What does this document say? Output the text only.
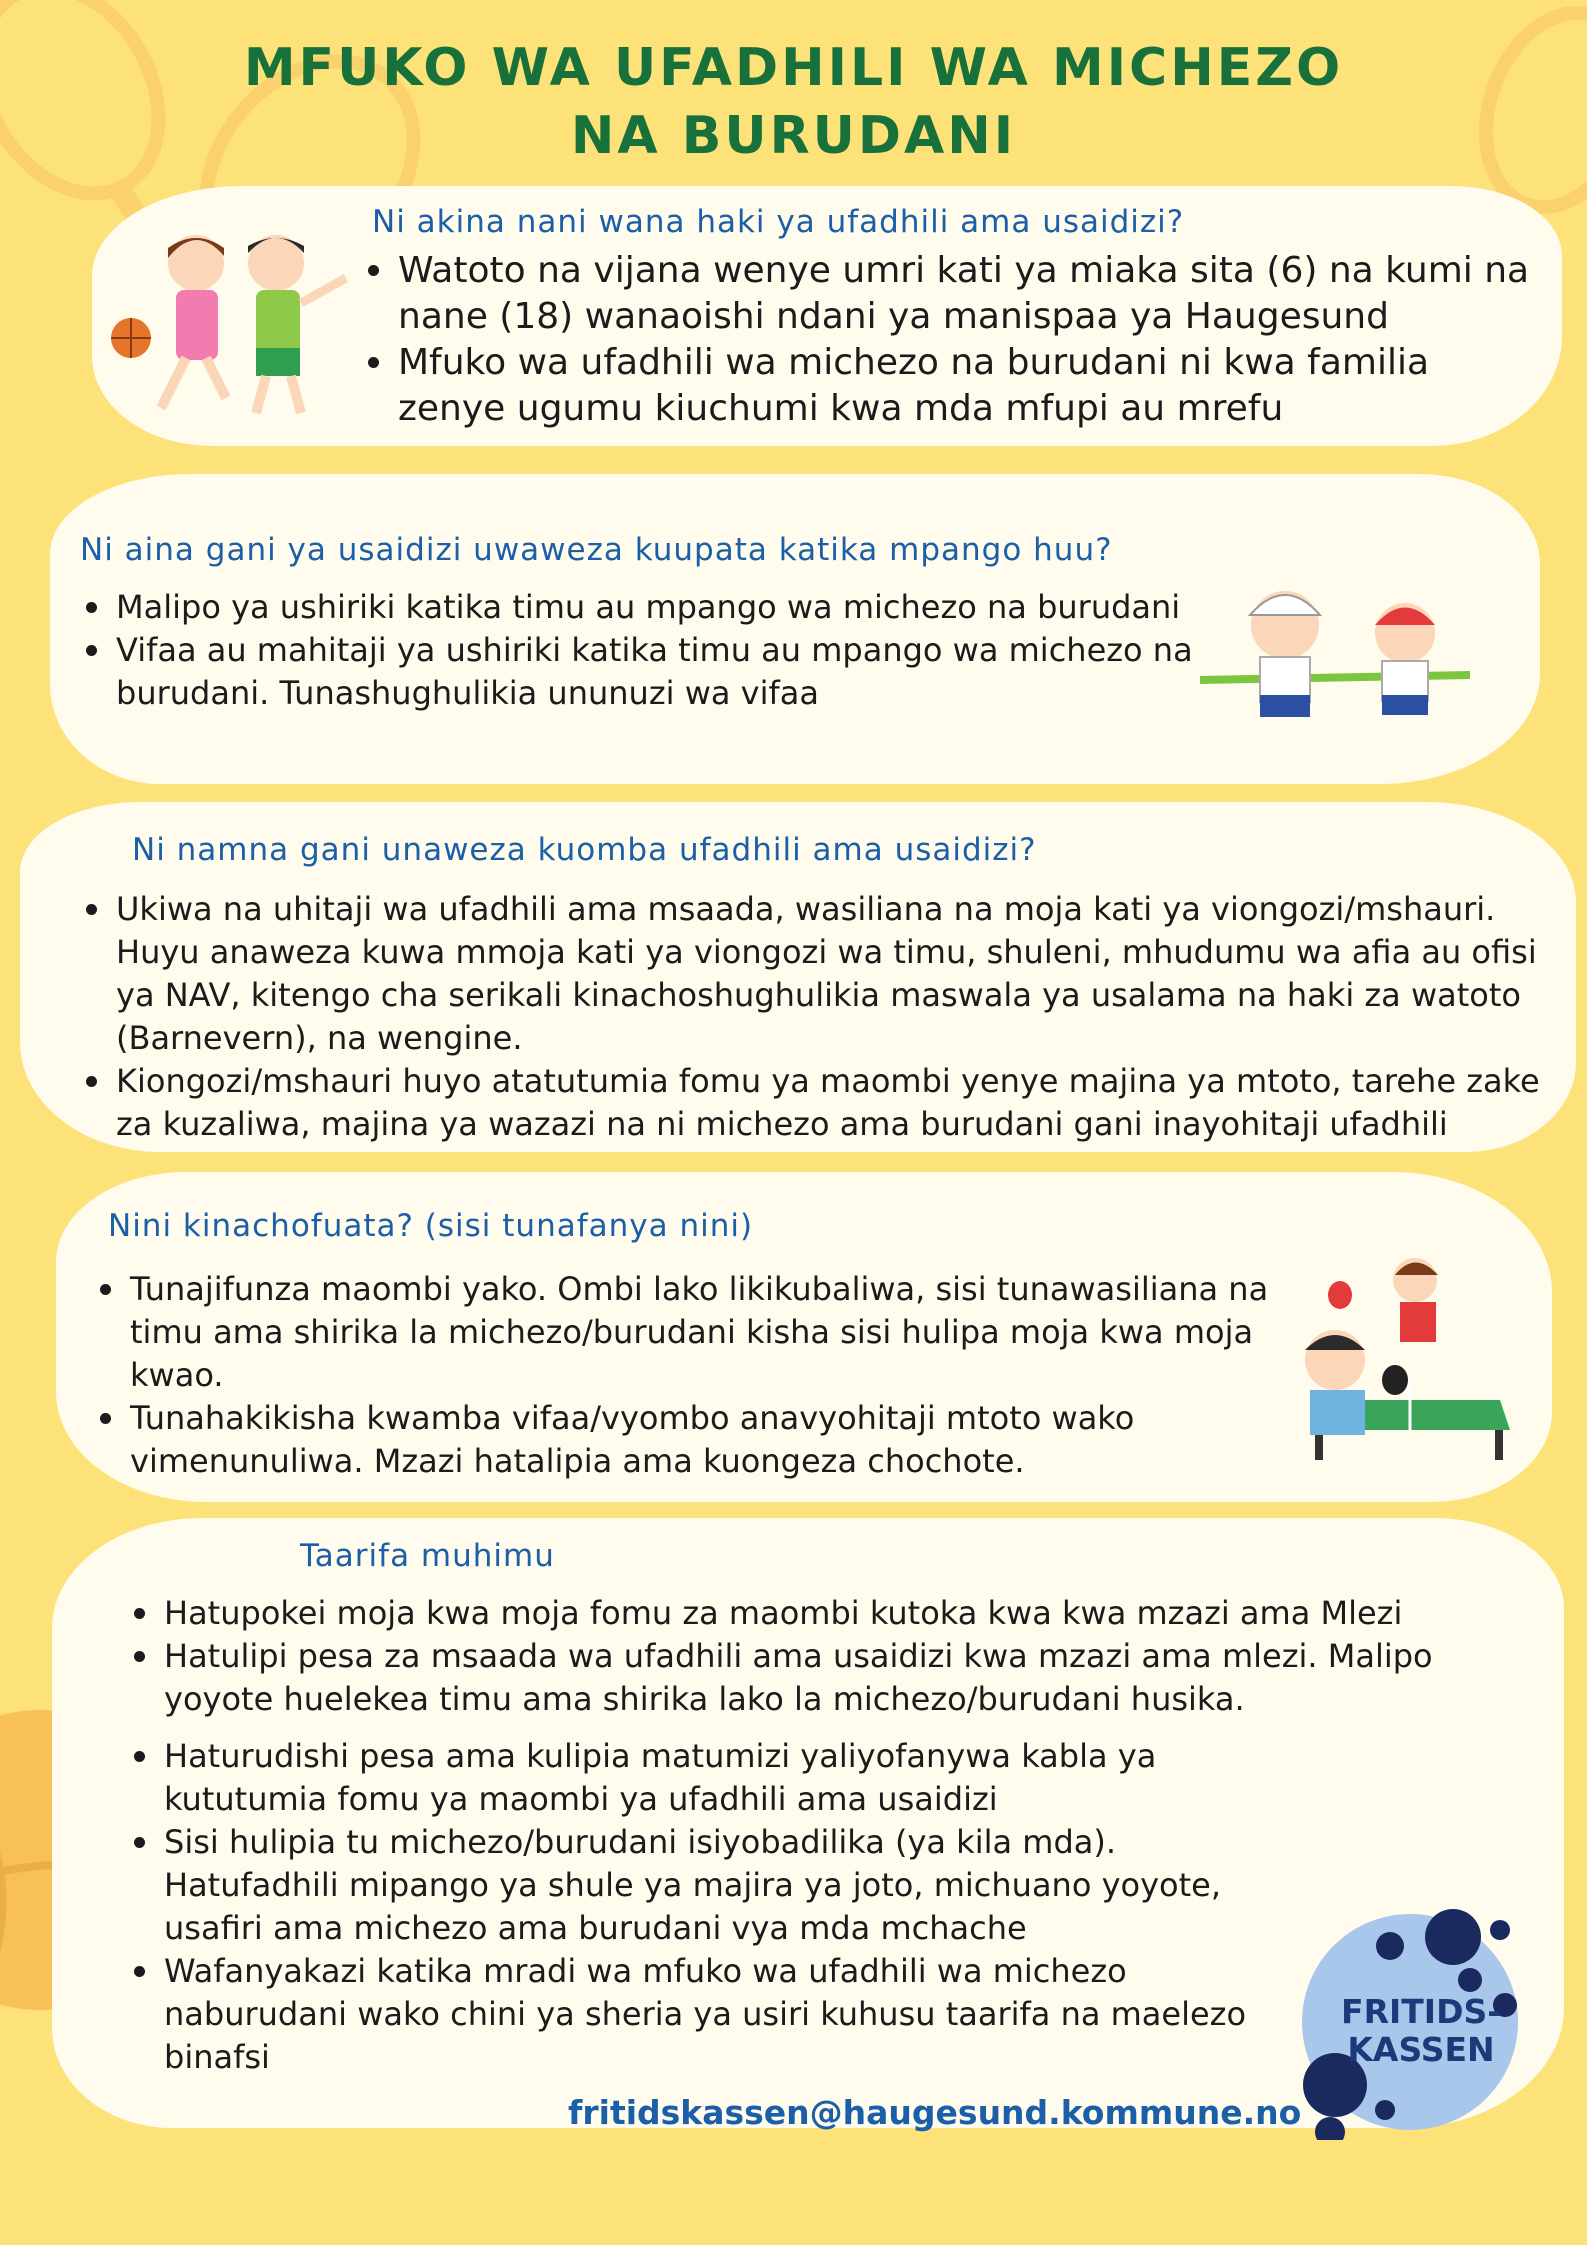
MFUKO WA UFADHILI WA MICHEZO
NA BURUDANI
Ni akina nani wana haki ya ufadhili ama usaidizi?
Watoto na vijana wenye umri kati ya miaka sita (6) na kumi na nane (18) wanaoishi ndani ya manispaa ya Haugesund
Mfuko wa ufadhili wa michezo na burudani ni kwa familia zenye ugumu kiuchumi kwa mda mfupi au mrefu
Ni aina gani ya usaidizi uwaweza kuupata katika mpango huu?
Malipo ya ushiriki katika timu au mpango wa michezo na burudani
Vifaa au mahitaji ya ushiriki katika timu au mpango wa michezo na burudani. Tunashughulikia ununuzi wa vifaa
Ni namna gani unaweza kuomba ufadhili ama usaidizi?
Ukiwa na uhitaji wa ufadhili ama msaada, wasiliana na moja kati ya viongozi/mshauri. Huyu anaweza kuwa mmoja kati ya viongozi wa timu, shuleni, mhudumu wa afia au ofisi ya NAV, kitengo cha serikali kinachoshughulikia maswala ya usalama na haki za watoto (Barnevern), na wengine.
Kiongozi/mshauri huyo atatutumia fomu ya maombi yenye majina ya mtoto, tarehe zake za kuzaliwa, majina ya wazazi na ni michezo ama burudani gani inayohitaji ufadhili
Nini kinachofuata? (sisi tunafanya nini)
Tunajifunza maombi yako. Ombi lako likikubaliwa, sisi tunawasiliana na timu ama shirika la michezo/burudani kisha sisi hulipa moja kwa moja kwao.
Tunahakikisha kwamba vifaa/vyombo anavyohitaji mtoto wako vimenunuliwa. Mzazi hatalipia ama kuongeza chochote.
Taarifa muhimu
Hatupokei moja kwa moja fomu za maombi kutoka kwa kwa mzazi ama Mlezi
Hatulipi pesa za msaada wa ufadhili ama usaidizi kwa mzazi ama mlezi. Malipo yoyote huelekea timu ama shirika lako la michezo/burudani husika.
Haturudishi pesa ama kulipia matumizi yaliyofanywa kabla ya kututumia fomu ya maombi ya ufadhili ama usaidizi
Sisi hulipia tu michezo/burudani isiyobadilika (ya kila mda). Hatufadhili mipango ya shule ya majira ya joto, michuano yoyote, usafiri ama michezo ama burudani vya mda mchache
Wafanyakazi katika mradi wa mfuko wa ufadhili wa michezo naburudani wako chini ya sheria ya usiri kuhusu taarifa na maelezo binafsi
fritidskassen@haugesund.kommune.no
FRITIDS-
KASSEN
